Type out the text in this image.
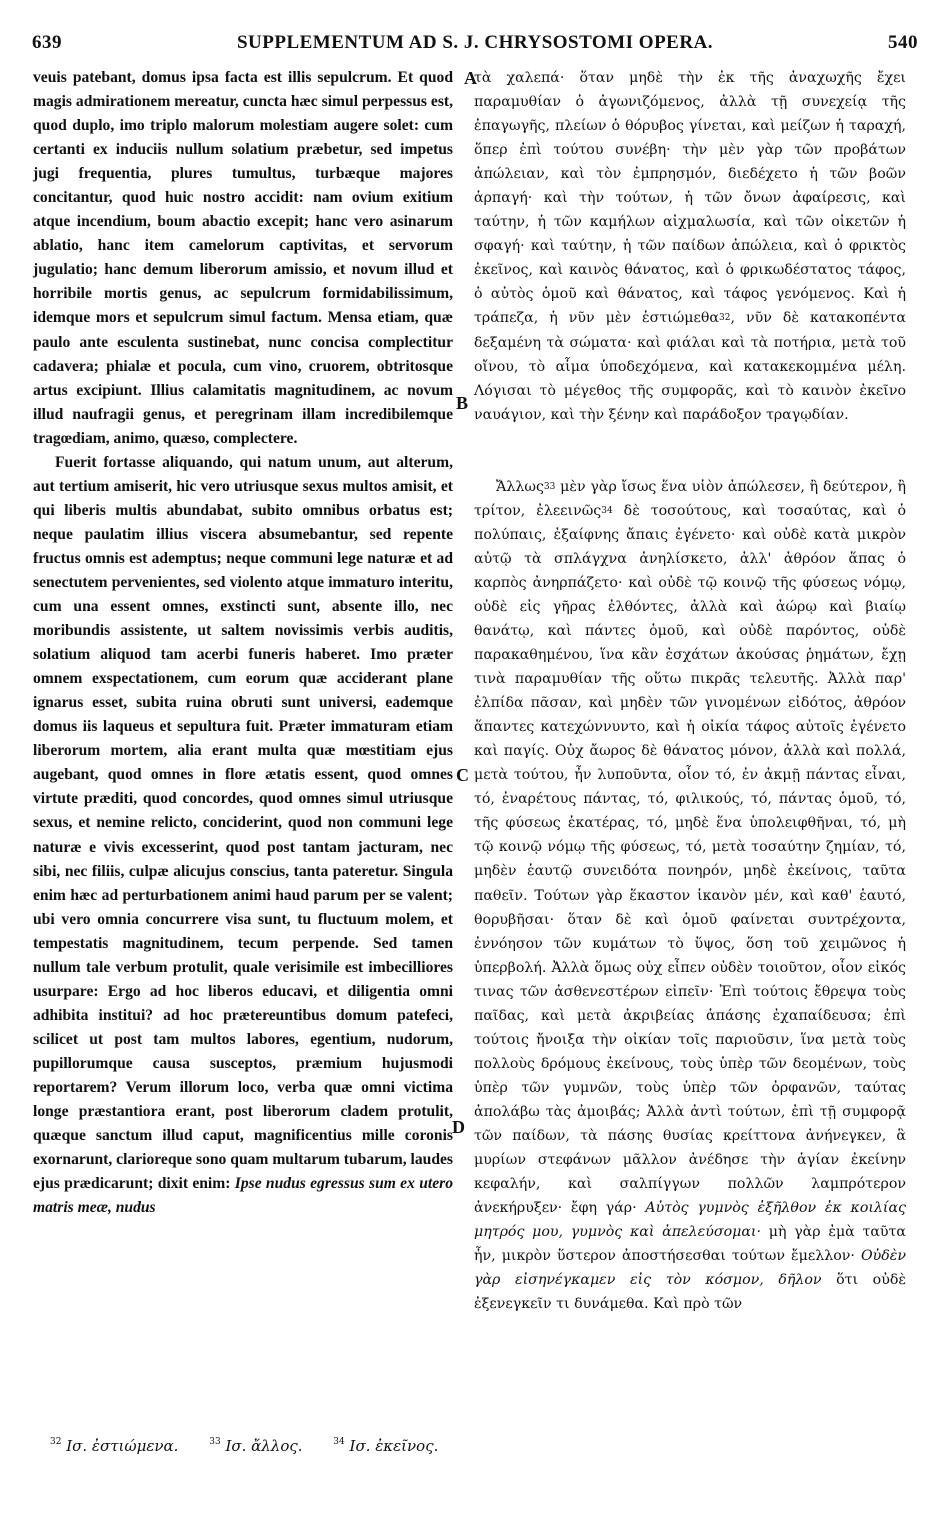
639	SUPPLEMENTUM AD S. J. CHRYSOSTOMI OPERA.	540

veuis patebant, domus ipsa facta est illis sepulcrum. Et quod magis admirationem mereatur, cuncta hæc simul perpessus est, quod duplo, imo triplo malorum molestiam augere solet: cum certanti ex induciis nullum solatium præbetur, sed impetus jugi frequentia, plures tumultus, turbæque majores concitantur, quod huic nostro accidit: nam ovium exitium atque incendium, boum abactio excepit; hanc vero asinarum ablatio, hanc item camelorum captivitas, et servorum jugulatio; hanc demum liberorum amissio, et novum illud et horribile mortis genus, ac sepulcrum formidabilissimum, idemque mors et sepulcrum simul factum. Mensa etiam, quæ paulo ante esculenta sustinebat, nunc concisa complectitur cadavera; phialæ et pocula, cum vino, cruorem, obtritosque artus excipiunt. Illius calamitatis magnitudinem, ac novum illud naufragii genus, et peregrinam illam incredibilemque tragœdiam, animo, quæso, complectere.

Fuerit fortasse aliquando, qui natum unum, aut alterum, aut tertium amiserit, hic vero utriusque sexus multos amisit, et qui liberis multis abundabat, subito omnibus orbatus est; neque paulatim illius viscera absumebantur, sed repente fructus omnis est ademptus; neque communi lege naturæ et ad senectutem pervenientes, sed violento atque immaturo interitu, cum una essent omnes, exstincti sunt, absente illo, nec moribundis assistente, ut saltem novissimis verbis auditis, solatium aliquod tam acerbi funeris haberet. Imo præter omnem exspectationem, cum eorum quæ acciderant plane ignarus esset, subita ruina obruti sunt universi, eademque domus iis laqueus et sepultura fuit. Præter immaturam etiam liberorum mortem, alia erant multa quæ mœstitiam ejus augebant, quod omnes in flore ætatis essent, quod omnes virtute præditi, quod concordes, quod omnes simul utriusque sexus, et nemine relicto, conciderint, quod non communi lege naturæ e vivis excesserint, quod post tantam jacturam, nec sibi, nec filiis, culpæ alicujus conscius, tanta pateretur. Singula enim hæc ad perturbationem animi haud parum per se valent; ubi vero omnia concurrere visa sunt, tu fluctuum molem, et tempestatis magnitudinem, tecum perpende. Sed tamen nullum tale verbum protulit, quale verisimile est imbecilliores usurpare: Ergo ad hoc liberos educavi, et diligentia omni adhibita institui? ad hoc prætereuntibus domum patefeci, scilicet ut post tam multos labores, egentium, nudorum, pupillorumque causa susceptos, præmium hujusmodi reportarem? Verum illorum loco, verba quæ omni victima longe præstantiora erant, post liberorum cladem protulit, quæque sanctum illud caput, magnificentius mille coronis exornarunt, clarioreque sono quam multarum tubarum, laudes ejus prædicarunt; dixit enim: Ipse nudus egressus sum ex utero matris meæ, nudus

A
B
C
D

τὰ χαλεπά· ὅταν μηδὲ τὴν ἐκ τῆς ἀναχωχῆς ἔχει παραμυθίαν ὁ ἀγωνιζόμενος, ἀλλὰ τῇ συνεχείᾳ τῆς ἐπαγωγῆς, πλείων ὁ θόρυβος γίνεται, καὶ μείζων ἡ ταραχή, ὅπερ ἐπὶ τούτου συνέβη· τὴν μὲν γὰρ τῶν προβάτων ἀπώλειαν, καὶ τὸν ἐμπρησμόν, διεδέχετο ἡ τῶν βοῶν ἁρπαγή· καὶ τὴν τούτων, ἡ τῶν ὄνων ἀφαίρεσις, καὶ ταύτην, ἡ τῶν καμήλων αἰχμαλωσία, καὶ τῶν οἰκετῶν ἡ σφαγή· καὶ ταύτην, ἡ τῶν παίδων ἀπώλεια, καὶ ὁ φρικτὸς ἐκεῖνος, καὶ καινὸς θάνατος, καὶ ὁ φρικωδέστατος τάφος, ὁ αὐτὸς ὁμοῦ καὶ θάνατος, καὶ τάφος γενόμενος. Καὶ ἡ τράπεζα, ἡ νῦν μὲν ἑστιώμεθα$^{32}$, νῦν δὲ κατακοπέντα δεξαμένη τὰ σώματα· καὶ φιάλαι καὶ τὰ ποτήρια, μετὰ τοῦ οἴνου, τὸ αἷμα ὑποδεχόμενα, καὶ κατακεκομμένα μέλη. Λόγισαι τὸ μέγεθος τῆς συμφορᾶς, καὶ τὸ καινὸν ἐκεῖνο ναυάγιον, καὶ τὴν ξένην καὶ παράδοξον τραγῳδίαν.

Ἄλλως$^{33}$ μὲν γὰρ ἴσως ἕνα υἱὸν ἀπώλεσεν, ἢ δεύτερον, ἢ τρίτον, ἐλεεινῶς$^{34}$ δὲ τοσούτους, καὶ τοσαύτας, καὶ ὁ πολύπαις, ἐξαίφνης ἄπαις ἐγένετο· καὶ οὐδὲ κατὰ μικρὸν αὐτῷ τὰ σπλάγχνα ἀνηλίσκετο, ἀλλ' ἀθρόον ἅπας ὁ καρπὸς ἀνηρπάζετο· καὶ οὐδὲ τῷ κοινῷ τῆς φύσεως νόμῳ, οὐδὲ εἰς γῆρας ἐλθόντες, ἀλλὰ καὶ ἀώρῳ καὶ βιαίῳ θανάτῳ, καὶ πάντες ὁμοῦ, καὶ οὐδὲ παρόντος, οὐδὲ παρακαθημένου, ἵνα κἂν ἐσχάτων ἀκούσας ῥημάτων, ἔχῃ τινὰ παραμυθίαν τῆς οὕτω πικρᾶς τελευτῆς. Ἀλλὰ παρ' ἐλπίδα πᾶσαν, καὶ μηδὲν τῶν γινομένων εἰδότος, ἀθρόον ἅπαντες κατεχώννυντο, καὶ ἡ οἰκία τάφος αὐτοῖς ἐγένετο καὶ παγίς. Οὐχ ἄωρος δὲ θάνατος μόνον, ἀλλὰ καὶ πολλά, μετὰ τούτου, ἦν λυποῦντα, οἷον τό, ἐν ἀκμῇ πάντας εἶναι, τό, ἐναρέτους πάντας, τό, φιλικούς, τό, πάντας ὁμοῦ, τό, τῆς φύσεως ἑκατέρας, τό, μηδὲ ἕνα ὑπολειφθῆναι, τό, μὴ τῷ κοινῷ νόμῳ τῆς φύσεως, τό, μετὰ τοσαύτην ζημίαν, τό, μηδὲν ἑαυτῷ συνειδότα πονηρόν, μηδὲ ἐκείνοις, ταῦτα παθεῖν. Τούτων γὰρ ἕκαστον ἱκανὸν μέν, καὶ καθ' ἑαυτό, θορυβῆσαι· ὅταν δὲ καὶ ὁμοῦ φαίνεται συντρέχοντα, ἐννόησον τῶν κυμάτων τὸ ὕψος, ὅση τοῦ χειμῶνος ἡ ὑπερβολή. Ἀλλὰ ὅμως οὐχ εἶπεν οὐδὲν τοιοῦτον, οἷον εἰκός τινας τῶν ἀσθενεστέρων εἰπεῖν· Ἐπὶ τούτοις ἔθρεψα τοὺς παῖδας, καὶ μετὰ ἀκριβείας ἁπάσης ἐχαπαίδευσα; ἐπὶ τούτοις ἤνοιξα τὴν οἰκίαν τοῖς παριοῦσιν, ἵνα μετὰ τοὺς πολλοὺς δρόμους ἐκείνους, τοὺς ὑπὲρ τῶν δεομένων, τοὺς ὑπὲρ τῶν γυμνῶν, τοὺς ὑπὲρ τῶν ὀρφανῶν, ταύτας ἀπολάβω τὰς ἀμοιβάς; Ἀλλὰ ἀντὶ τούτων, ἐπὶ τῇ συμφορᾷ τῶν παίδων, τὰ πάσης θυσίας κρείττονα ἀνήνεγκεν, ἃ μυρίων στεφάνων μᾶλλον ἀνέδησε τὴν ἁγίαν ἐκείνην κεφαλήν, καὶ σαλπίγγων πολλῶν λαμπρότερον ἀνεκήρυξεν· ἔφη γάρ· Αὐτὸς γυμνὸς ἐξῆλθον ἐκ κοιλίας μητρός μου, γυμνὸς καὶ ἀπελεύσομαι· μὴ γὰρ ἐμὰ ταῦτα ἦν, μικρὸν ὕστερον ἀποστήσεσθαι τούτων ἔμελλον· Οὐδὲν γὰρ εἰσηνέγκαμεν εἰς τὸν κόσμον, δῆλον ὅτι οὐδὲ ἐξενεγκεῖν τι δυνάμεθα. Καὶ πρὸ τῶν

$^{32}$ Ισ. ἐστιώμενα.	$^{33}$ Ισ. ἄλλος.	$^{34}$ Ισ. ἐκεῖνος.
